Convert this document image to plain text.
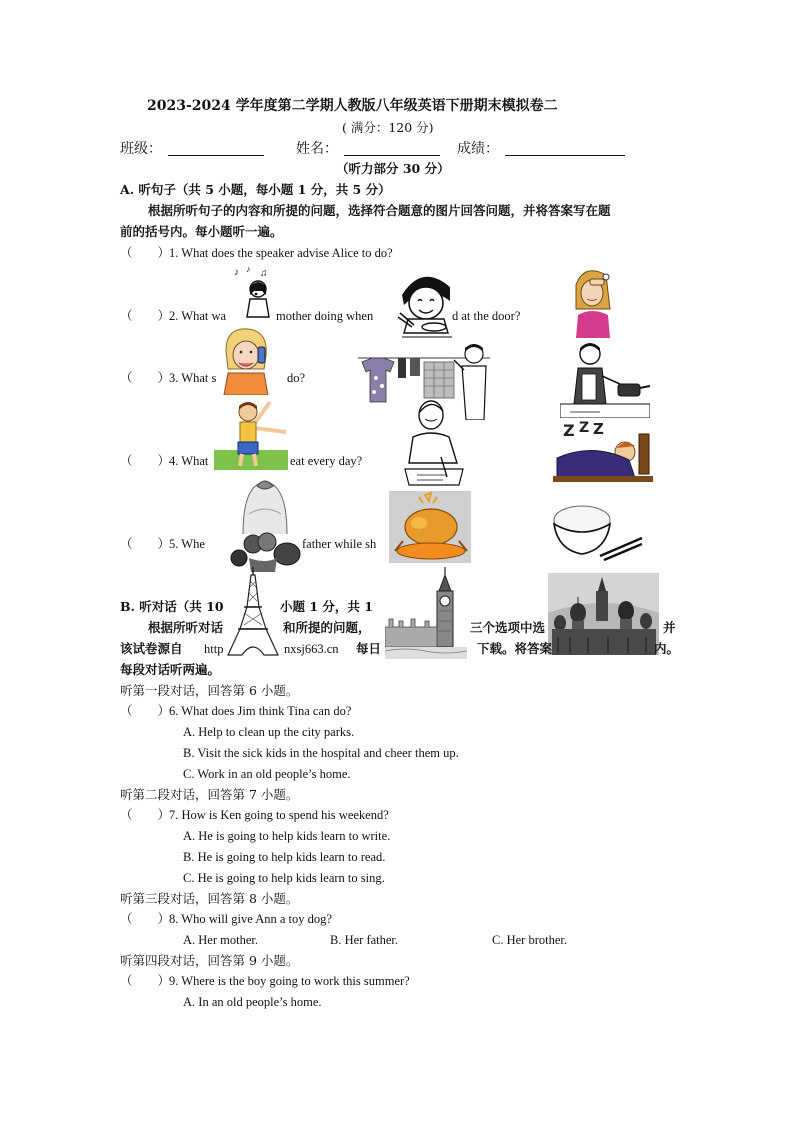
2023-2024 学年度第二学期人教版八年级英语下册期末模拟卷二
( 满分：120 分)
班级：	姓名：	成绩：
（听力部分 30 分）
A. 听句子（共 5 小题，每小题 1 分，共 5 分）
根据所听句子的内容和所提的问题，选择符合题意的图片回答问题，并将答案写在题
前的括号内。每小题听一遍。
（　　）
1. What does the speaker advise Alice to do?
（　　）
2. What wa	mother doing when	d at the door?
（　　）
3. What s	do?
（　　）
4. What	eat every day?
（　　）
5. Whe	father while sh
♪ ♪ ♫
Z Z Z
B. 听对话（共 10	小题 1 分，共 1
根据所听对话	和所提的问题，	三个选项中选	并
该试卷源自 http	nxsj663.cn 每日	下载。将答案	内。
每段对话听两遍。
听第一段对话，回答第 6 小题。
（　　）
6. What does Jim think Tina can do?
A. Help to clean up the city parks.
B. Visit the sick kids in the hospital and cheer them up.
C. Work in an old people’s home.
听第二段对话，回答第 7 小题。
（　　）
7. How is Ken going to spend his weekend?
A. He is going to help kids learn to write.
B. He is going to help kids learn to read.
C. He is going to help kids learn to sing.
听第三段对话，回答第 8 小题。
（　　）
8. Who will give Ann a toy dog?
A. Her mother.	B. Her father.	C. Her brother.
听第四段对话，回答第 9 小题。
（　　）
9. Where is the boy going to work this summer?
A. In an old people’s home.
